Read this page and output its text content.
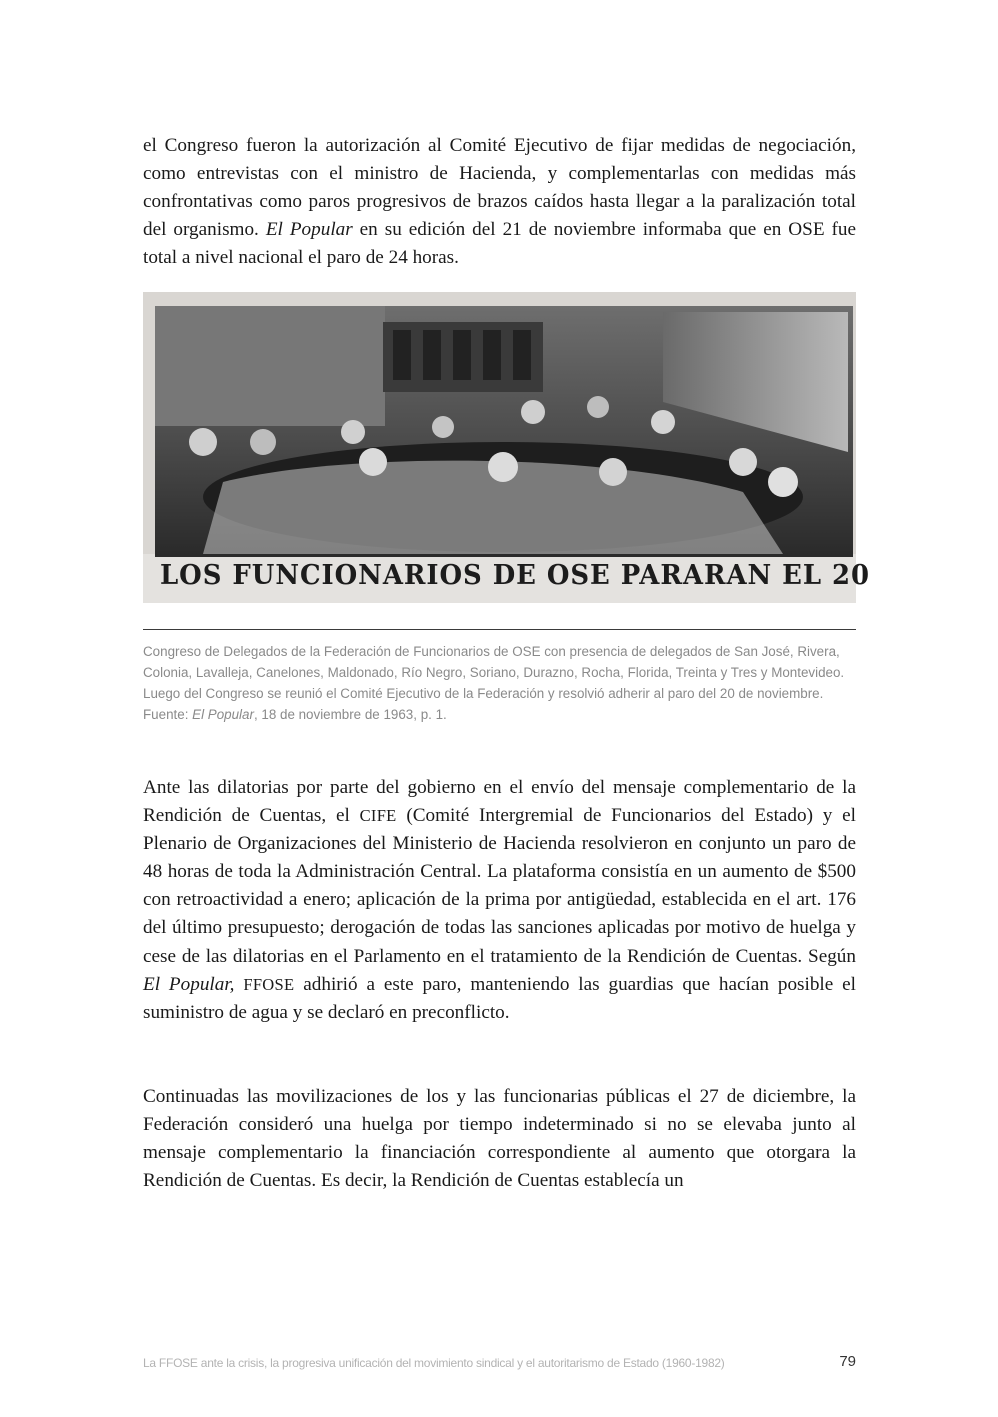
el Congreso fueron la autorización al Comité Ejecutivo de fijar medidas de negociación, como entrevistas con el ministro de Hacienda, y complementarlas con medidas más confrontativas como paros progresivos de brazos caídos hasta llegar a la paralización total del organismo. El Popular en su edición del 21 de noviembre informaba que en OSE fue total a nivel nacional el paro de 24 horas.

LOS FUNCIONARIOS DE OSE PARARAN EL 20

Congreso de Delegados de la Federación de Funcionarios de OSE con presencia de delegados de San José, Rivera, Colonia, Lavalleja, Canelones, Maldonado, Río Negro, Soriano, Durazno, Rocha, Florida, Treinta y Tres y Montevideo. Luego del Congreso se reunió el Comité Ejecutivo de la Federación y resolvió adherir al paro del 20 de noviembre. Fuente: El Popular, 18 de noviembre de 1963, p. 1.

Ante las dilatorias por parte del gobierno en el envío del mensaje complementario de la Rendición de Cuentas, el CIFE (Comité Intergremial de Funcionarios del Estado) y el Plenario de Organizaciones del Ministerio de Hacienda resolvieron en conjunto un paro de 48 horas de toda la Administración Central. La plataforma consistía en un aumento de $500 con retroactividad a enero; aplicación de la prima por antigüedad, establecida en el art. 176 del último presupuesto; derogación de todas las sanciones aplicadas por motivo de huelga y cese de las dilatorias en el Parlamento en el tratamiento de la Rendición de Cuentas. Según El Popular, FFOSE adhirió a este paro, manteniendo las guardias que hacían posible el suministro de agua y se declaró en preconflicto.

Continuadas las movilizaciones de los y las funcionarias públicas el 27 de diciembre, la Federación consideró una huelga por tiempo indeterminado si no se elevaba junto al mensaje complementario la financiación correspondiente al aumento que otorgara la Rendición de Cuentas. Es decir, la Rendición de Cuentas establecía un

La FFOSE ante la crisis, la progresiva unificación del movimiento sindical y el autoritarismo de Estado (1960-1982)	79
